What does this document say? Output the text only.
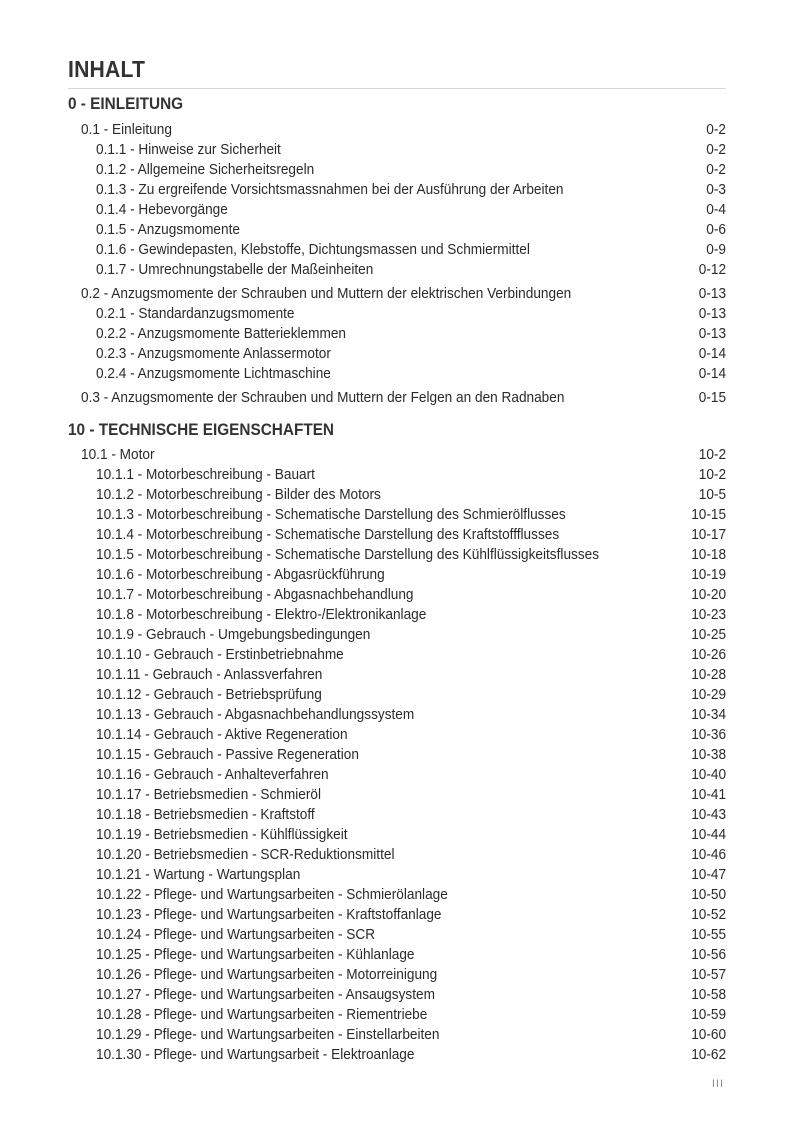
INHALT
0 - EINLEITUNG
0.1 - Einleitung	0-2
0.1.1 - Hinweise zur Sicherheit	0-2
0.1.2 - Allgemeine Sicherheitsregeln	0-2
0.1.3 - Zu ergreifende Vorsichtsmassnahmen bei der Ausführung der Arbeiten	0-3
0.1.4 - Hebevorgänge	0-4
0.1.5 - Anzugsmomente	0-6
0.1.6 - Gewindepasten, Klebstoffe, Dichtungsmassen und Schmiermittel	0-9
0.1.7 - Umrechnungstabelle der Maßeinheiten	0-12
0.2 - Anzugsmomente der Schrauben und Muttern der elektrischen Verbindungen	0-13
0.2.1 - Standardanzugsmomente	0-13
0.2.2 - Anzugsmomente Batterieklemmen	0-13
0.2.3 - Anzugsmomente Anlassermotor	0-14
0.2.4 - Anzugsmomente Lichtmaschine	0-14
0.3 - Anzugsmomente der Schrauben und Muttern der Felgen an den Radnaben	0-15
10 - TECHNISCHE EIGENSCHAFTEN
10.1 - Motor	10-2
10.1.1 - Motorbeschreibung - Bauart	10-2
10.1.2 - Motorbeschreibung - Bilder des Motors	10-5
10.1.3 - Motorbeschreibung - Schematische Darstellung des Schmierölflusses	10-15
10.1.4 - Motorbeschreibung - Schematische Darstellung des Kraftstoffflusses	10-17
10.1.5 - Motorbeschreibung - Schematische Darstellung des Kühlflüssigkeitsflusses	10-18
10.1.6 - Motorbeschreibung - Abgasrückführung	10-19
10.1.7 - Motorbeschreibung - Abgasnachbehandlung	10-20
10.1.8 - Motorbeschreibung - Elektro-/Elektronikanlage	10-23
10.1.9 - Gebrauch - Umgebungsbedingungen	10-25
10.1.10 - Gebrauch - Erstinbetriebnahme	10-26
10.1.11 - Gebrauch - Anlassverfahren	10-28
10.1.12 - Gebrauch - Betriebsprüfung	10-29
10.1.13 - Gebrauch - Abgasnachbehandlungssystem	10-34
10.1.14 - Gebrauch - Aktive Regeneration	10-36
10.1.15 - Gebrauch - Passive Regeneration	10-38
10.1.16 - Gebrauch - Anhalteverfahren	10-40
10.1.17 - Betriebsmedien - Schmieröl	10-41
10.1.18 - Betriebsmedien - Kraftstoff	10-43
10.1.19 - Betriebsmedien - Kühlflüssigkeit	10-44
10.1.20 - Betriebsmedien - SCR-Reduktionsmittel	10-46
10.1.21 - Wartung - Wartungsplan	10-47
10.1.22 - Pflege- und Wartungsarbeiten - Schmierölanlage	10-50
10.1.23 - Pflege- und Wartungsarbeiten - Kraftstoffanlage	10-52
10.1.24 - Pflege- und Wartungsarbeiten - SCR	10-55
10.1.25 - Pflege- und Wartungsarbeiten - Kühlanlage	10-56
10.1.26 - Pflege- und Wartungsarbeiten - Motorreinigung	10-57
10.1.27 - Pflege- und Wartungsarbeiten - Ansaugsystem	10-58
10.1.28 - Pflege- und Wartungsarbeiten - Riementriebe	10-59
10.1.29 - Pflege- und Wartungsarbeiten - Einstellarbeiten	10-60
10.1.30 - Pflege- und Wartungsarbeit - Elektroanlage	10-62
III
